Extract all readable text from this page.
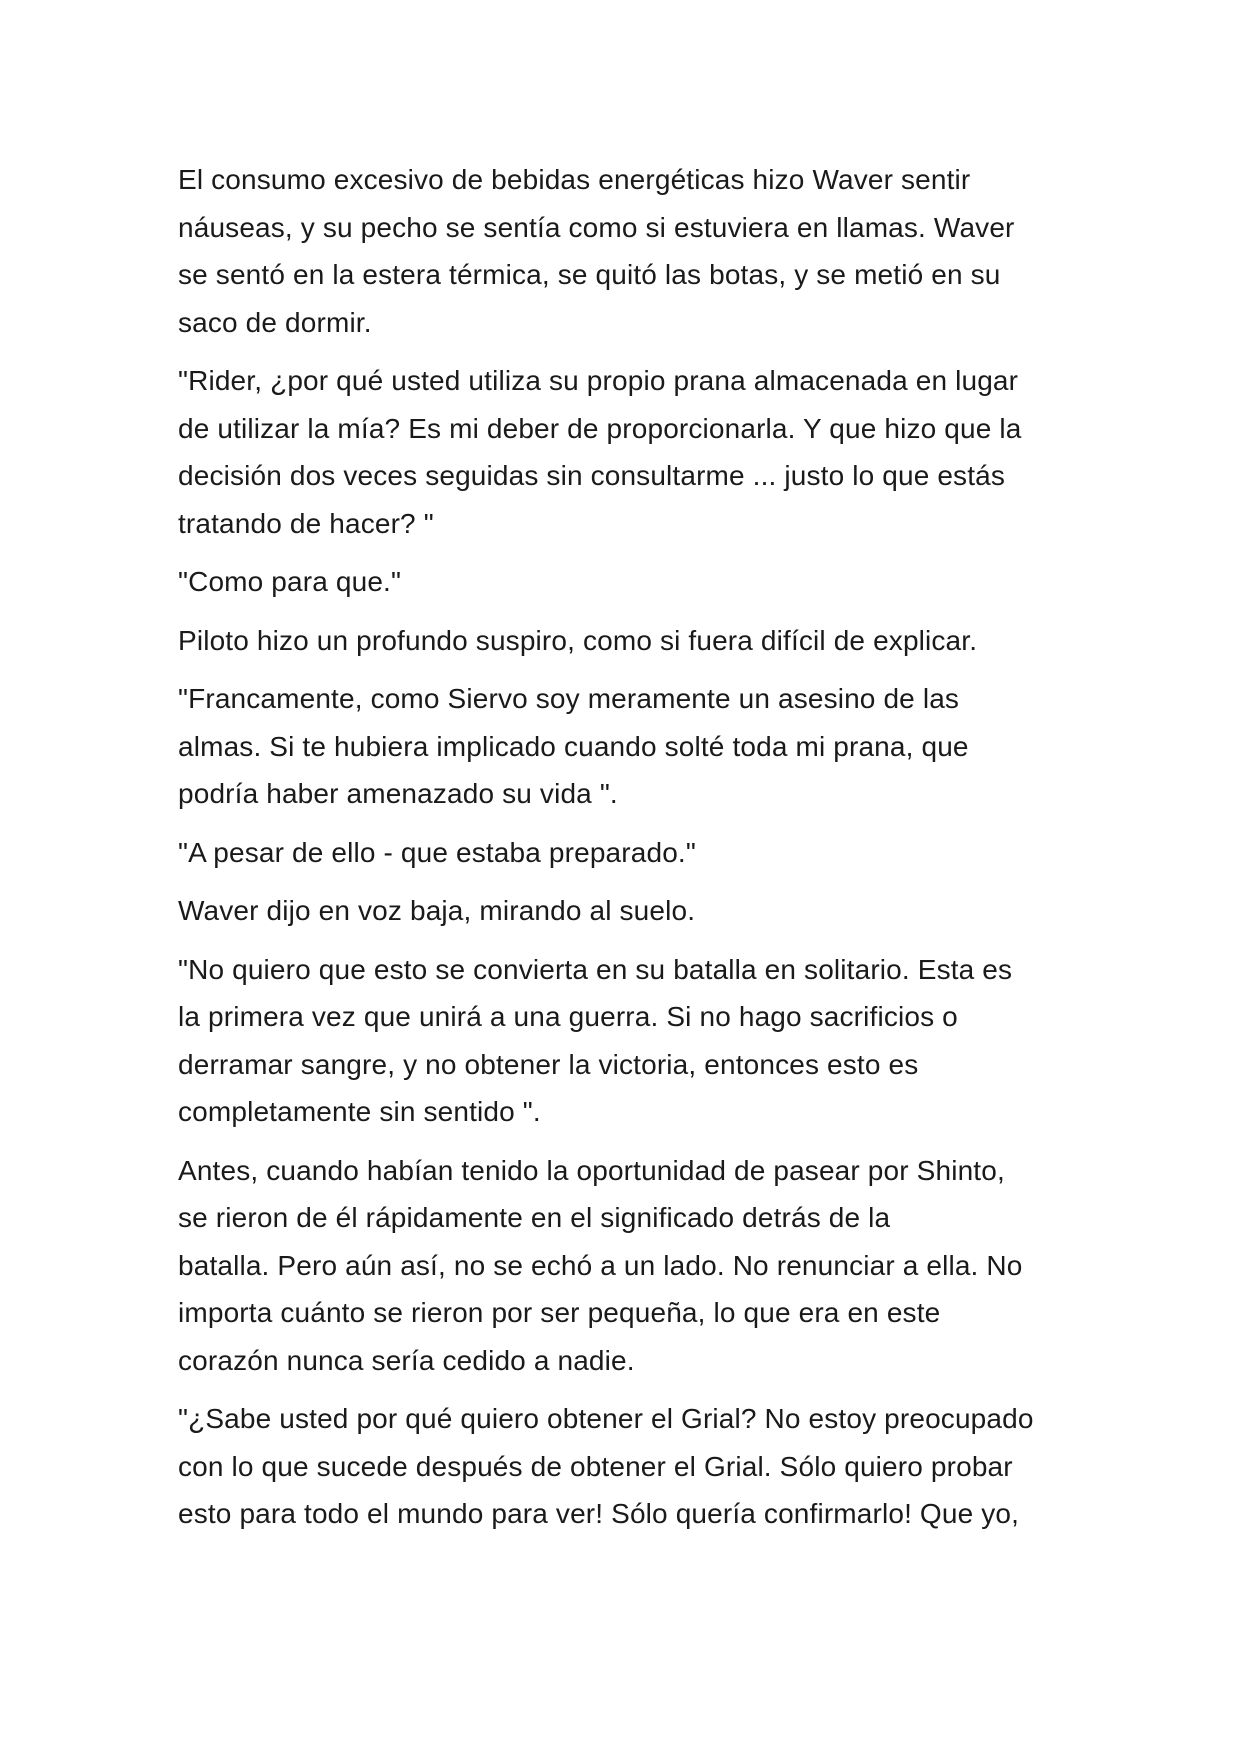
El consumo excesivo de bebidas energéticas hizo Waver sentir
náuseas, y su pecho se sentía como si estuviera en llamas. Waver
se sentó en la estera térmica, se quitó las botas, y se metió en su
saco de dormir.

"Rider, ¿por qué usted utiliza su propio prana almacenada en lugar
de utilizar la mía? Es mi deber de proporcionarla. Y que hizo que la
decisión dos veces seguidas sin consultarme ... justo lo que estás
tratando de hacer? "

"Como para que."

Piloto hizo un profundo suspiro, como si fuera difícil de explicar.

"Francamente, como Siervo soy meramente un asesino de las
almas. Si te hubiera implicado cuando solté toda mi prana, que
podría haber amenazado su vida ".

"A pesar de ello - que estaba preparado."

Waver dijo en voz baja, mirando al suelo.

"No quiero que esto se convierta en su batalla en solitario. Esta es
la primera vez que unirá a una guerra. Si no hago sacrificios o
derramar sangre, y no obtener la victoria, entonces esto es
completamente sin sentido ".

Antes, cuando habían tenido la oportunidad de pasear por Shinto,
se rieron de él rápidamente en el significado detrás de la
batalla. Pero aún así, no se echó a un lado. No renunciar a ella. No
importa cuánto se rieron por ser pequeña, lo que era en este
corazón nunca sería cedido a nadie.

"¿Sabe usted por qué quiero obtener el Grial? No estoy preocupado
con lo que sucede después de obtener el Grial. Sólo quiero probar
esto para todo el mundo para ver! Sólo quería confirmarlo! Que yo,
